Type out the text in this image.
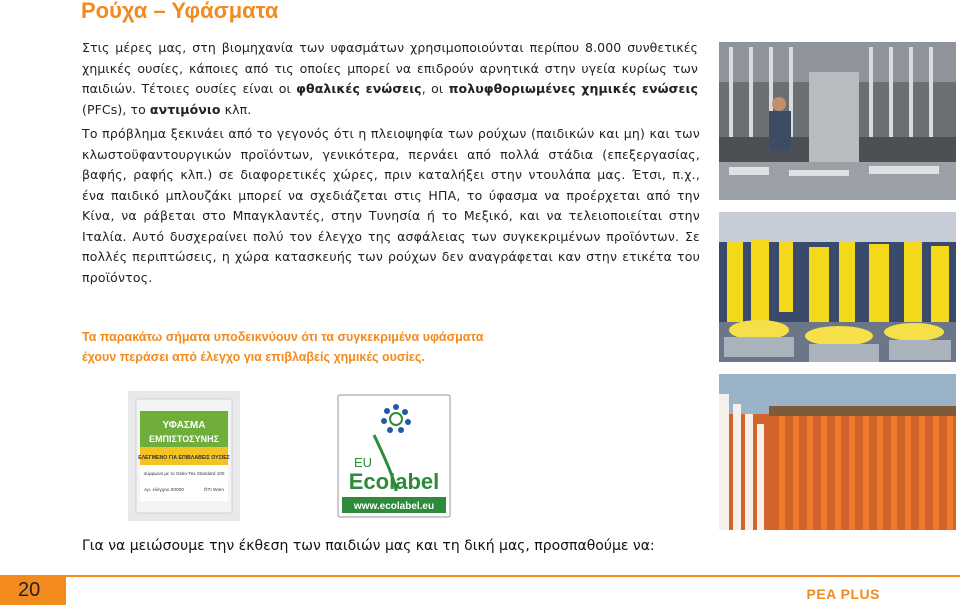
Ρούχα – Υφάσματα

Στις μέρες μας, στη βιομηχανία των υφασμάτων χρησιμοποιούνται περίπου 8.000 συνθετικές χημικές ουσίες, κάποιες από τις οποίες μπορεί να επιδρούν αρνητικά στην υγεία κυρίως των παιδιών. Τέτοιες ουσίες είναι οι φθαλικές ενώσεις, οι πολυφθοριωμένες χημικές ενώσεις (PFCs), το αντιμόνιο κλπ.

Το πρόβλημα ξεκινάει από το γεγονός ότι η πλειοψηφία των ρούχων (παιδικών και μη) και των κλωστοϋφαντουργικών προϊόντων, γενικότερα, περνάει από πολλά στάδια (επεξεργασίας, βαφής, ραφής κλπ.) σε διαφορετικές χώρες, πριν καταλήξει στην ντουλάπα μας. Έτσι, π.χ., ένα παιδικό μπλουζάκι μπορεί να σχεδιάζεται στις ΗΠΑ, το ύφασμα να προέρχεται από την Κίνα, να ράβεται στο Μπαγκλαντές, στην Τυνησία ή το Μεξικό, και να τελειοποιείται στην Ιταλία. Αυτό δυσχεραίνει πολύ τον έλεγχο της ασφάλειας των συγκεκριμένων προϊόντων. Σε πολλές περιπτώσεις, η χώρα κατασκευής των ρούχων δεν αναγράφεται καν στην ετικέτα του προϊόντος.

Τα παρακάτω σήματα υποδεικνύουν ότι τα συγκεκριμένα υφάσματα έχουν περάσει από έλεγχο για επιβλαβείς χημικές ουσίες.

ΥΦΑΣΜΑ
ΕΜΠΙΣΤΟΣΥΝΗΣ
ΕΛΕΓΜΕΝΟ ΓΙΑ ΕΠΙΒΛΑΒΕΙΣ ΟΥΣΙΕΣ
σύμφωνα με το Oeko-Tex Standard 100
Αρ. ελέγχου 00000	ÖTI Wien
EU
Ecolabel
www.ecolabel.eu

Για να μειώσουμε την έκθεση των παιδιών μας και τη δική μας, προσπαθούμε να:

20	PEA PLUS
